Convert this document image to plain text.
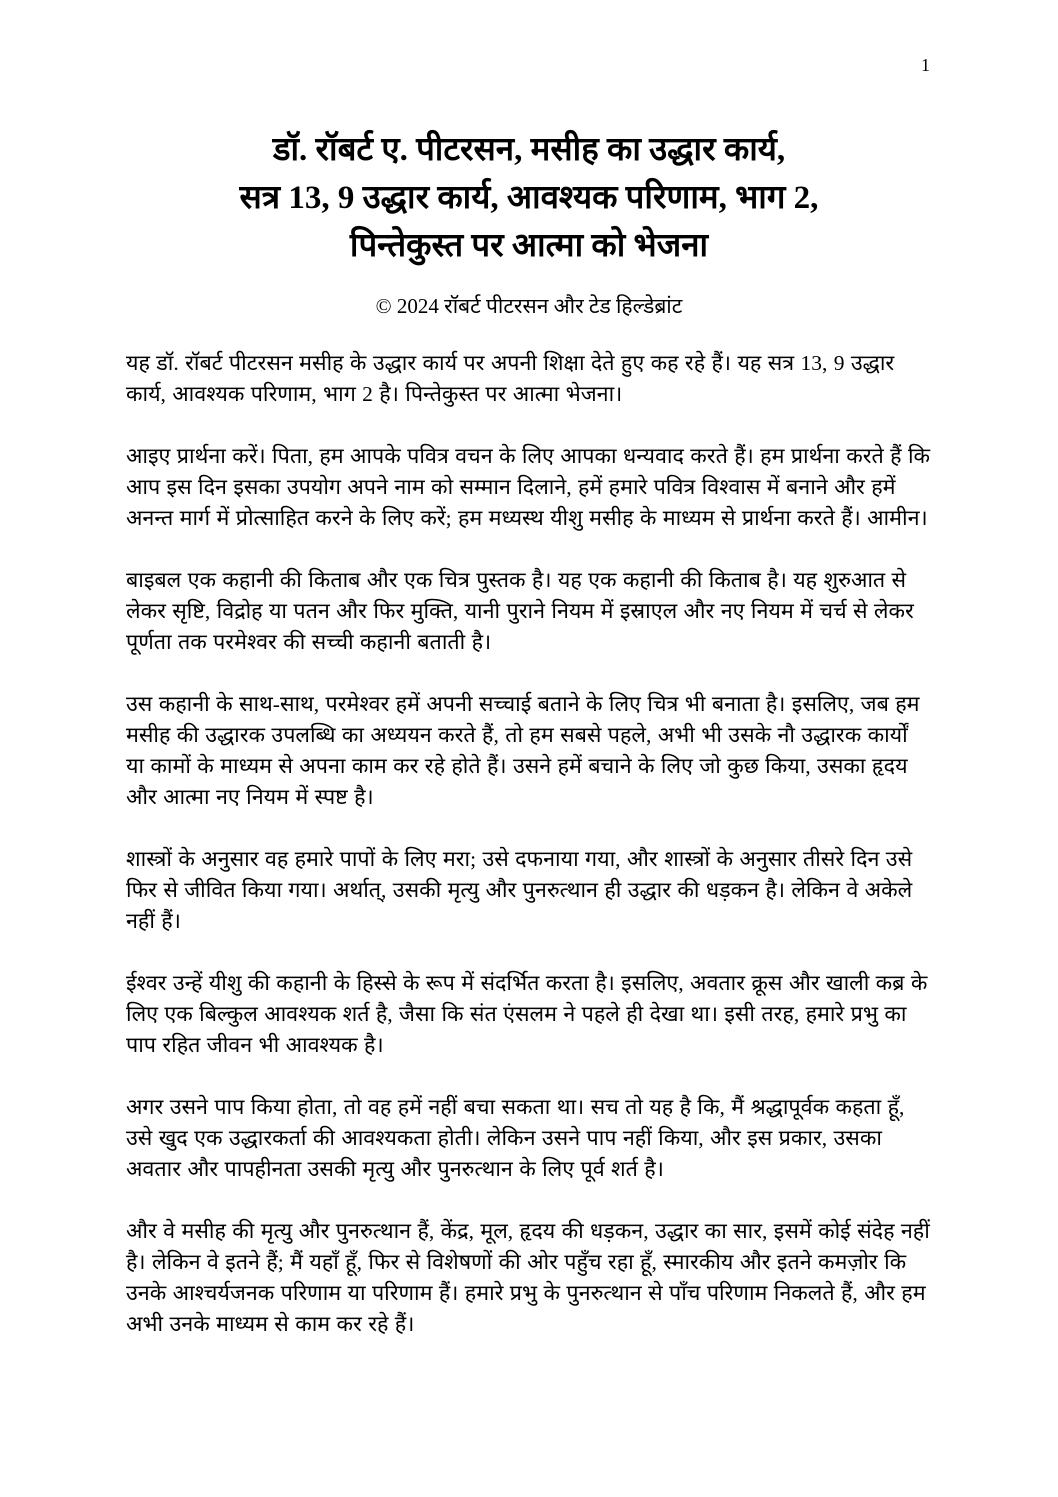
1
डॉ. रॉबर्ट ए. पीटरसन, मसीह का उद्धार कार्य,
सत्र 13, 9 उद्धार कार्य, आवश्यक परिणाम, भाग 2,
पिन्तेकुस्त पर आत्मा को भेजना
© 2024 रॉबर्ट पीटरसन और टेड हिल्डेब्रांट

यह डॉ. रॉबर्ट पीटरसन मसीह के उद्धार कार्य पर अपनी शिक्षा देते हुए कह रहे हैं। यह सत्र 13, 9 उद्धार कार्य, आवश्यक परिणाम, भाग 2 है। पिन्तेकुस्त पर आत्मा भेजना।

आइए प्रार्थना करें। पिता, हम आपके पवित्र वचन के लिए आपका धन्यवाद करते हैं। हम प्रार्थना करते हैं कि आप इस दिन इसका उपयोग अपने नाम को सम्मान दिलाने, हमें हमारे पवित्र विश्वास में बनाने और हमें अनन्त मार्ग में प्रोत्साहित करने के लिए करें; हम मध्यस्थ यीशु मसीह के माध्यम से प्रार्थना करते हैं। आमीन।

बाइबल एक कहानी की किताब और एक चित्र पुस्तक है। यह एक कहानी की किताब है। यह शुरुआत से लेकर सृष्टि, विद्रोह या पतन और फिर मुक्ति, यानी पुराने नियम में इस्राएल और नए नियम में चर्च से लेकर पूर्णता तक परमेश्वर की सच्ची कहानी बताती है।

उस कहानी के साथ-साथ, परमेश्वर हमें अपनी सच्चाई बताने के लिए चित्र भी बनाता है। इसलिए, जब हम मसीह की उद्धारक उपलब्धि का अध्ययन करते हैं, तो हम सबसे पहले, अभी भी उसके नौ उद्धारक कार्यों या कामों के माध्यम से अपना काम कर रहे होते हैं। उसने हमें बचाने के लिए जो कुछ किया, उसका हृदय और आत्मा नए नियम में स्पष्ट है।

शास्त्रों के अनुसार वह हमारे पापों के लिए मरा; उसे दफनाया गया, और शास्त्रों के अनुसार तीसरे दिन उसे फिर से जीवित किया गया। अर्थात्, उसकी मृत्यु और पुनरुत्थान ही उद्धार की धड़कन है। लेकिन वे अकेले नहीं हैं।

ईश्वर उन्हें यीशु की कहानी के हिस्से के रूप में संदर्भित करता है। इसलिए, अवतार क्रूस और खाली कब्र के लिए एक बिल्कुल आवश्यक शर्त है, जैसा कि संत एंसलम ने पहले ही देखा था। इसी तरह, हमारे प्रभु का पाप रहित जीवन भी आवश्यक है।

अगर उसने पाप किया होता, तो वह हमें नहीं बचा सकता था। सच तो यह है कि, मैं श्रद्धापूर्वक कहता हूँ, उसे खुद एक उद्धारकर्ता की आवश्यकता होती। लेकिन उसने पाप नहीं किया, और इस प्रकार, उसका अवतार और पापहीनता उसकी मृत्यु और पुनरुत्थान के लिए पूर्व शर्त है।

और वे मसीह की मृत्यु और पुनरुत्थान हैं, केंद्र, मूल, हृदय की धड़कन, उद्धार का सार, इसमें कोई संदेह नहीं है। लेकिन वे इतने हैं; मैं यहाँ हूँ, फिर से विशेषणों की ओर पहुँच रहा हूँ, स्मारकीय और इतने कमज़ोर कि उनके आश्चर्यजनक परिणाम या परिणाम हैं। हमारे प्रभु के पुनरुत्थान से पाँच परिणाम निकलते हैं, और हम अभी उनके माध्यम से काम कर रहे हैं।
